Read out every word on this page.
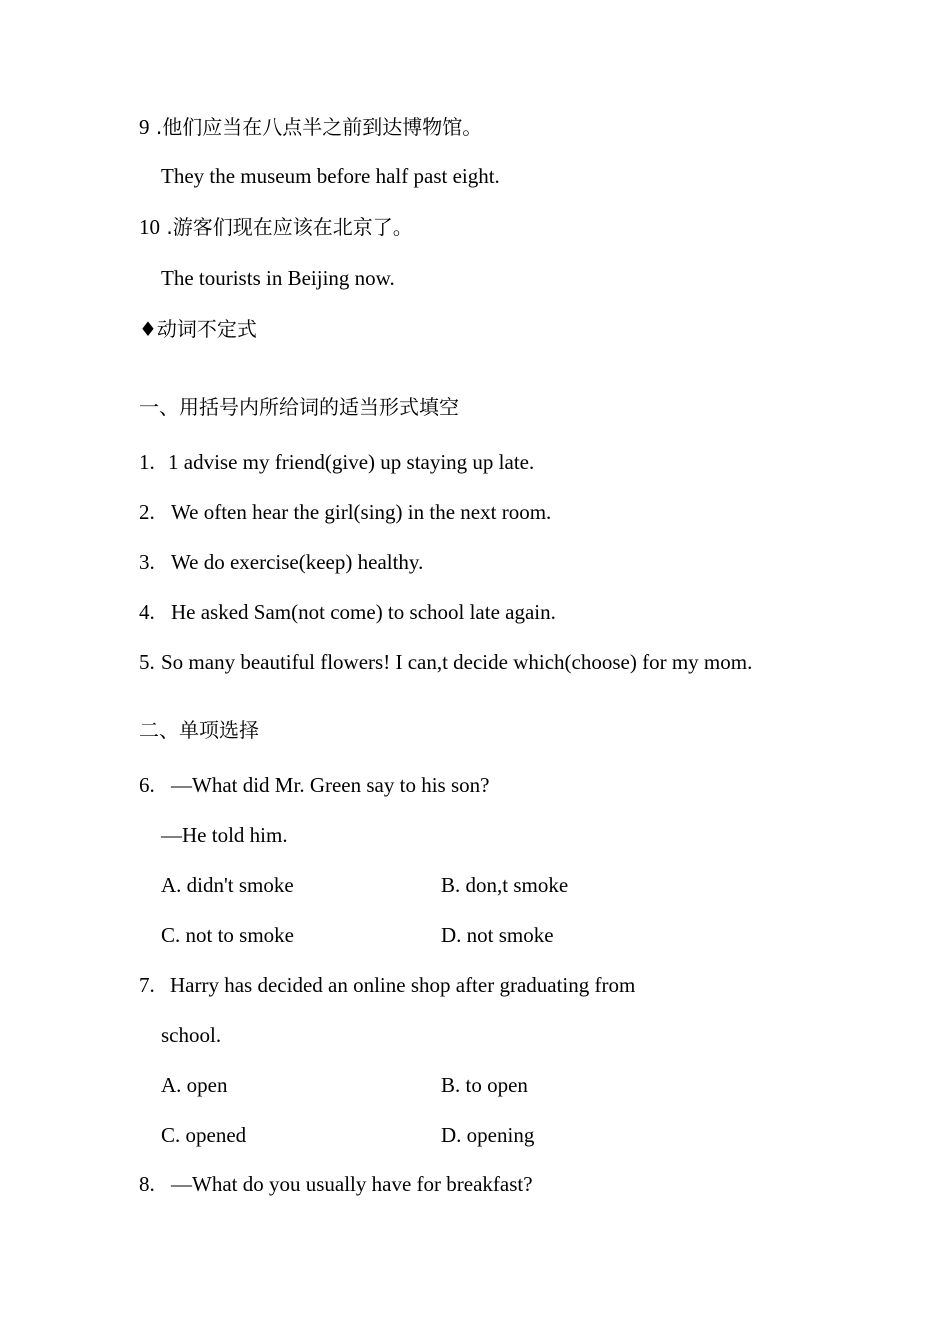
9 .他们应当在八点半之前到达博物馆。
They the museum before half past eight.
10 .游客们现在应该在北京了。
The tourists in Beijing now.
♦动词不定式
一、用括号内所给词的适当形式填空
1. 1 advise my friend(give) up staying up late.
2. We often hear the girl(sing) in the next room.
3. We do exercise(keep) healthy.
4. He asked Sam(not come) to school late again.
5. So many beautiful flowers! I can,t decide which(choose) for my mom.
二、单项选择
6. —What did Mr. Green say to his son?
—He told him.
A. didn't smoke	B. don,t smoke
C. not to smoke	D. not smoke
7. Harry has decided an online shop after graduating from
school.
A. open	B. to open
C. opened	D. opening
8. —What do you usually have for breakfast?
